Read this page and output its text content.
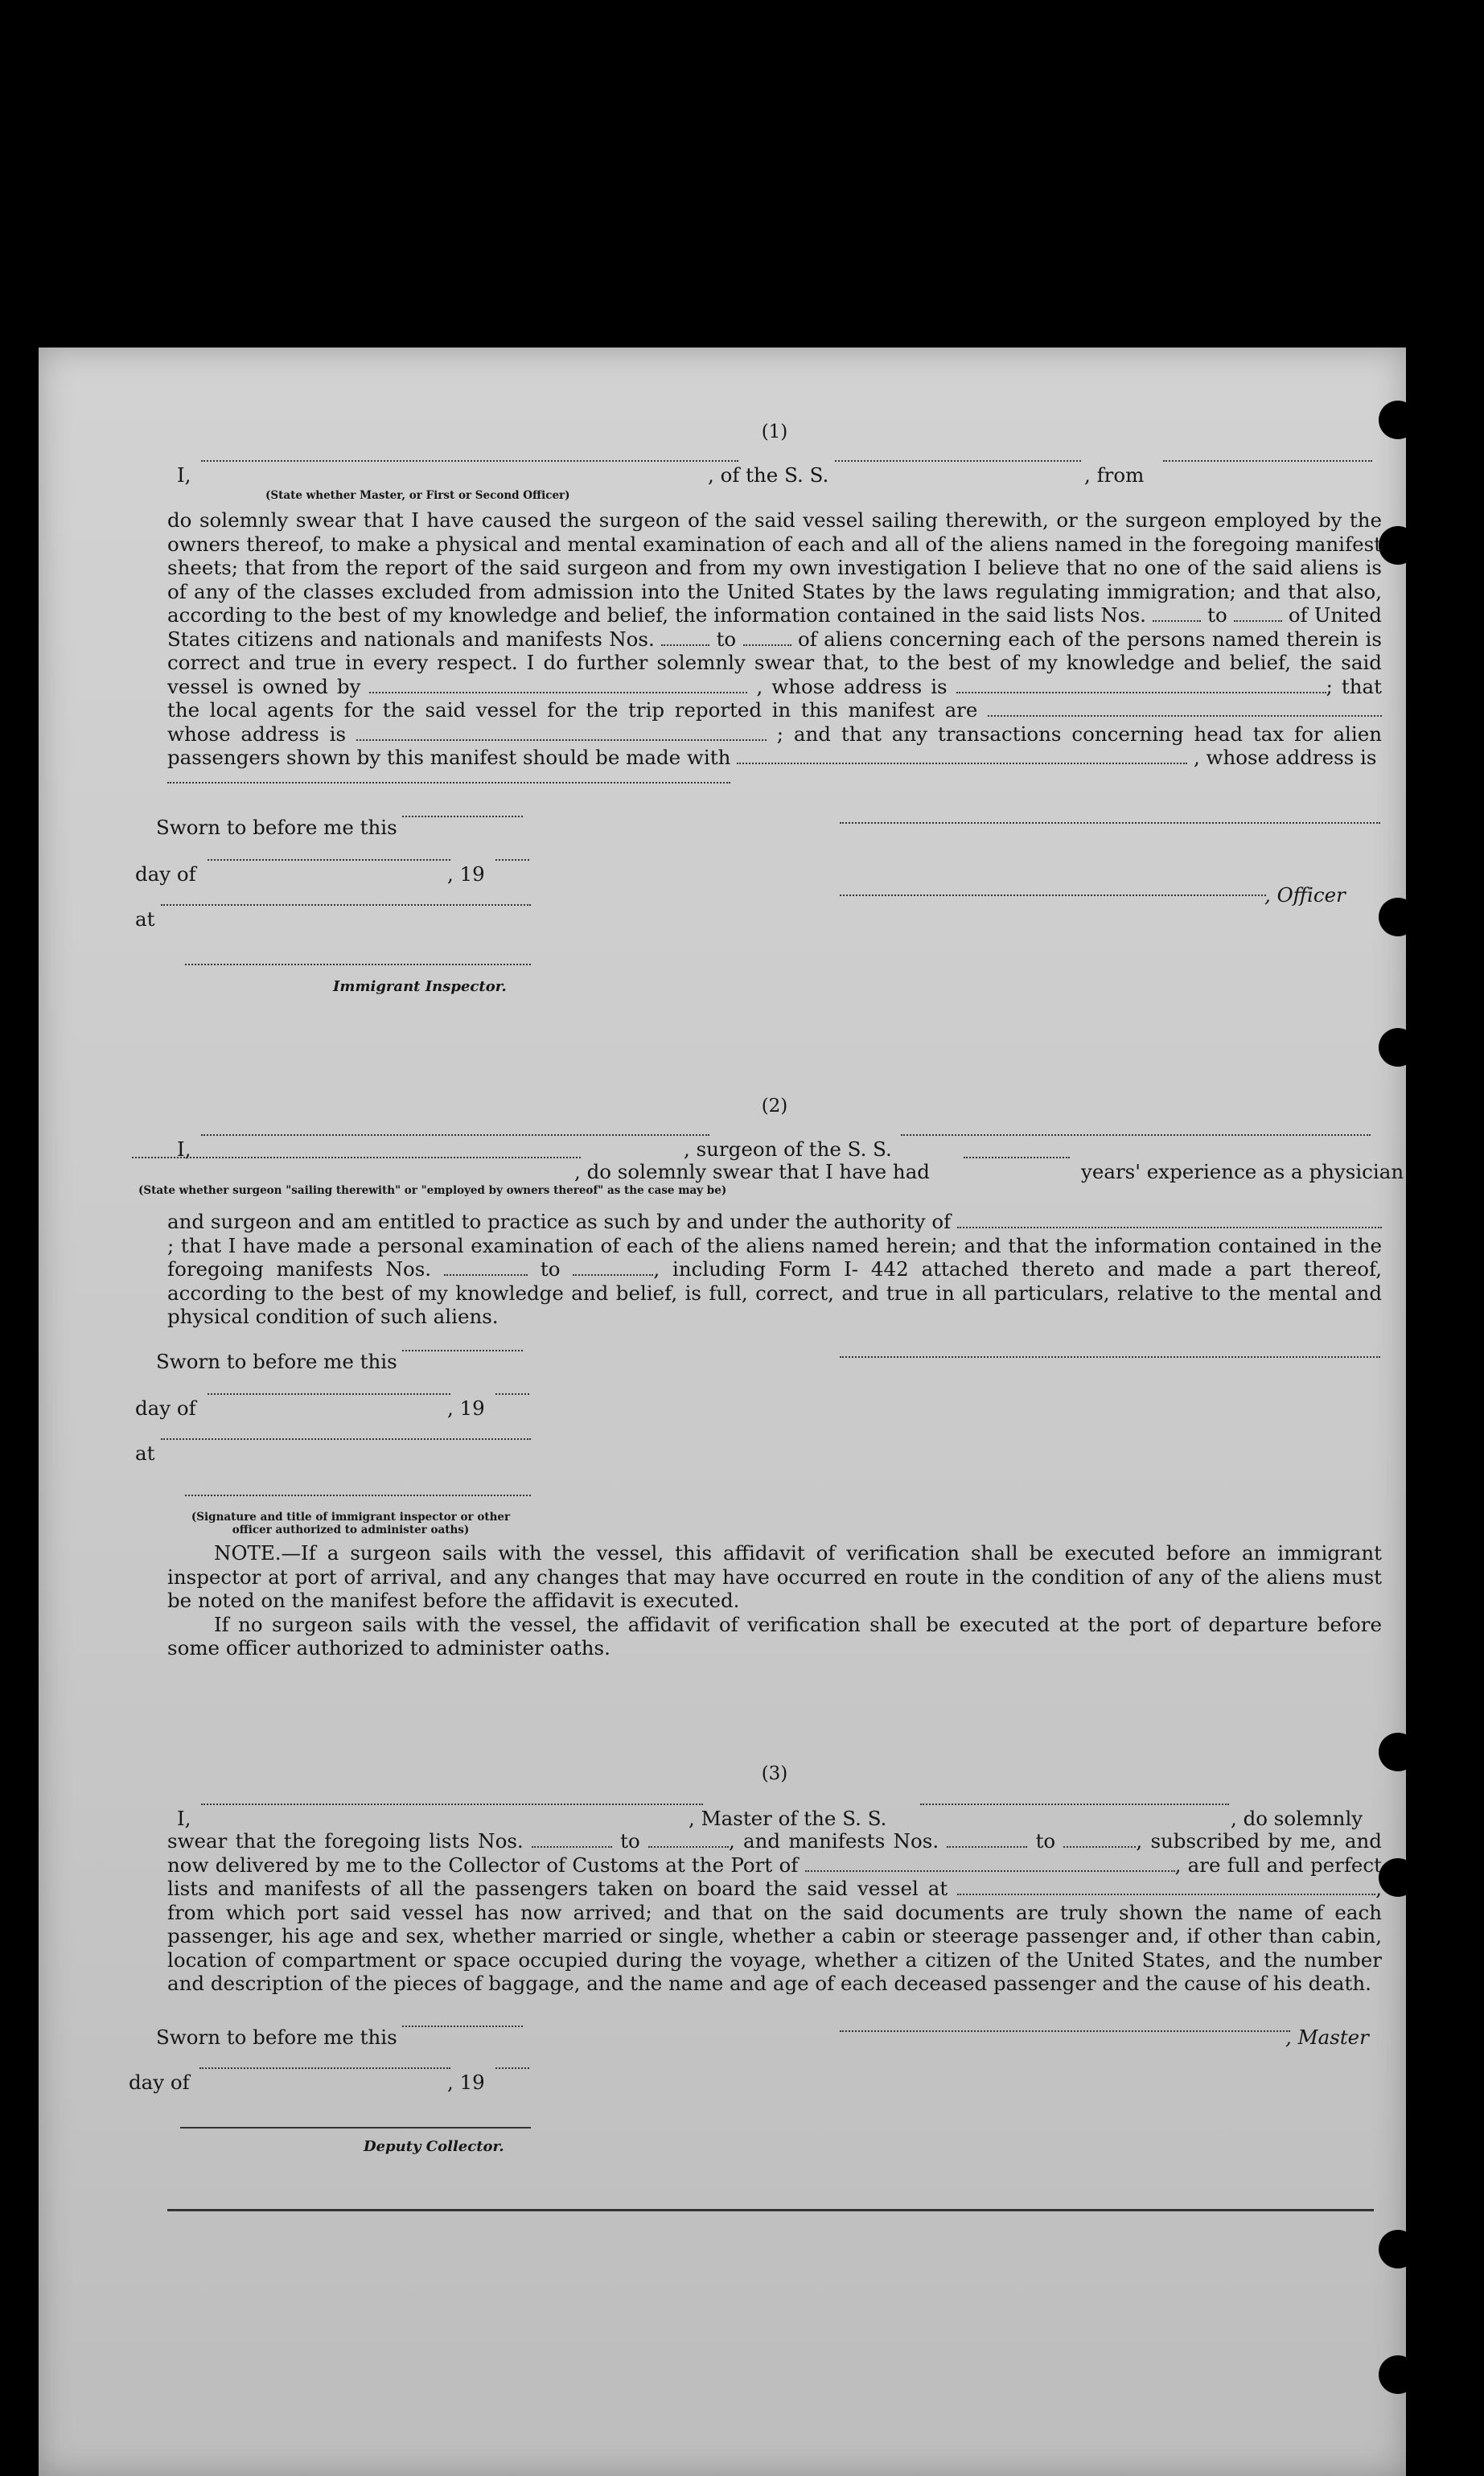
(1)
I,	, of the S. S.	, from
(State whether Master, or First or Second Officer)

do solemnly swear that I have caused the surgeon of the said vessel sailing therewith, or the surgeon employed by the owners thereof, to make a physical and mental examination of each and all of the aliens named in the foregoing manifest sheets; that from the report of the said surgeon and from my own investigation I believe that no one of the said aliens is of any of the classes excluded from admission into the United States by the laws regulating immigration; and that also, according to the best of my knowledge and belief, the information contained in the said lists Nos.	to	of United States citizens and nationals and manifests Nos.	to	of aliens concerning each of the persons named therein is correct and true in every respect. I do further solemnly swear that, to the best of my knowledge and belief, the said vessel is owned by	, whose address is	; that the local agents for the said vessel for the trip reported in this manifest are  whose address is	; and that any transactions concerning head tax for alien passengers shown by this manifest should be made with	, whose address is

Sworn to before me this
day of	, 19
, Officer
at
Immigrant Inspector.
(2)
I,	, surgeon of the S. S.
, do solemnly swear that I have had	years' experience as a physician
(State whether surgeon "sailing therewith" or "employed by owners thereof" as the case may be)

and surgeon and am entitled to practice as such by and under the authority of ; that I have made a personal examination of each of the aliens named herein; and that the information contained in the foregoing manifests Nos.	to	, including Form I- 442 attached thereto and made a part thereof, according to the best of my knowledge and belief, is full, correct, and true in all particulars, relative to the mental and physical condition of such aliens.

Sworn to before me this
day of	, 19
at
(Signature and title of immigrant inspector or other officer authorized to administer oaths)

NOTE.—If a surgeon sails with the vessel, this affidavit of verification shall be executed before an immigrant inspector at port of arrival, and any changes that may have occurred en route in the condition of any of the aliens must be noted on the manifest before the affidavit is executed.

If no surgeon sails with the vessel, the affidavit of verification shall be executed at the port of departure before some officer authorized to administer oaths.

(3)
I,	, Master of the S. S.	, do solemnly

swear that the foregoing lists Nos.	to	, and manifests Nos.	to	, subscribed by me, and now delivered by me to the Collector of Customs at the Port of	, are full and perfect lists and manifests of all the passengers taken on board the said vessel at	, from which port said vessel has now arrived; and that on the said documents are truly shown the name of each passenger, his age and sex, whether married or single, whether a cabin or steerage passenger and, if other than cabin, location of compartment or space occupied during the voyage, whether a citizen of the United States, and the number and description of the pieces of baggage, and the name and age of each deceased passenger and the cause of his death.

Sworn to before me this	, Master
day of	, 19
Deputy Collector.
